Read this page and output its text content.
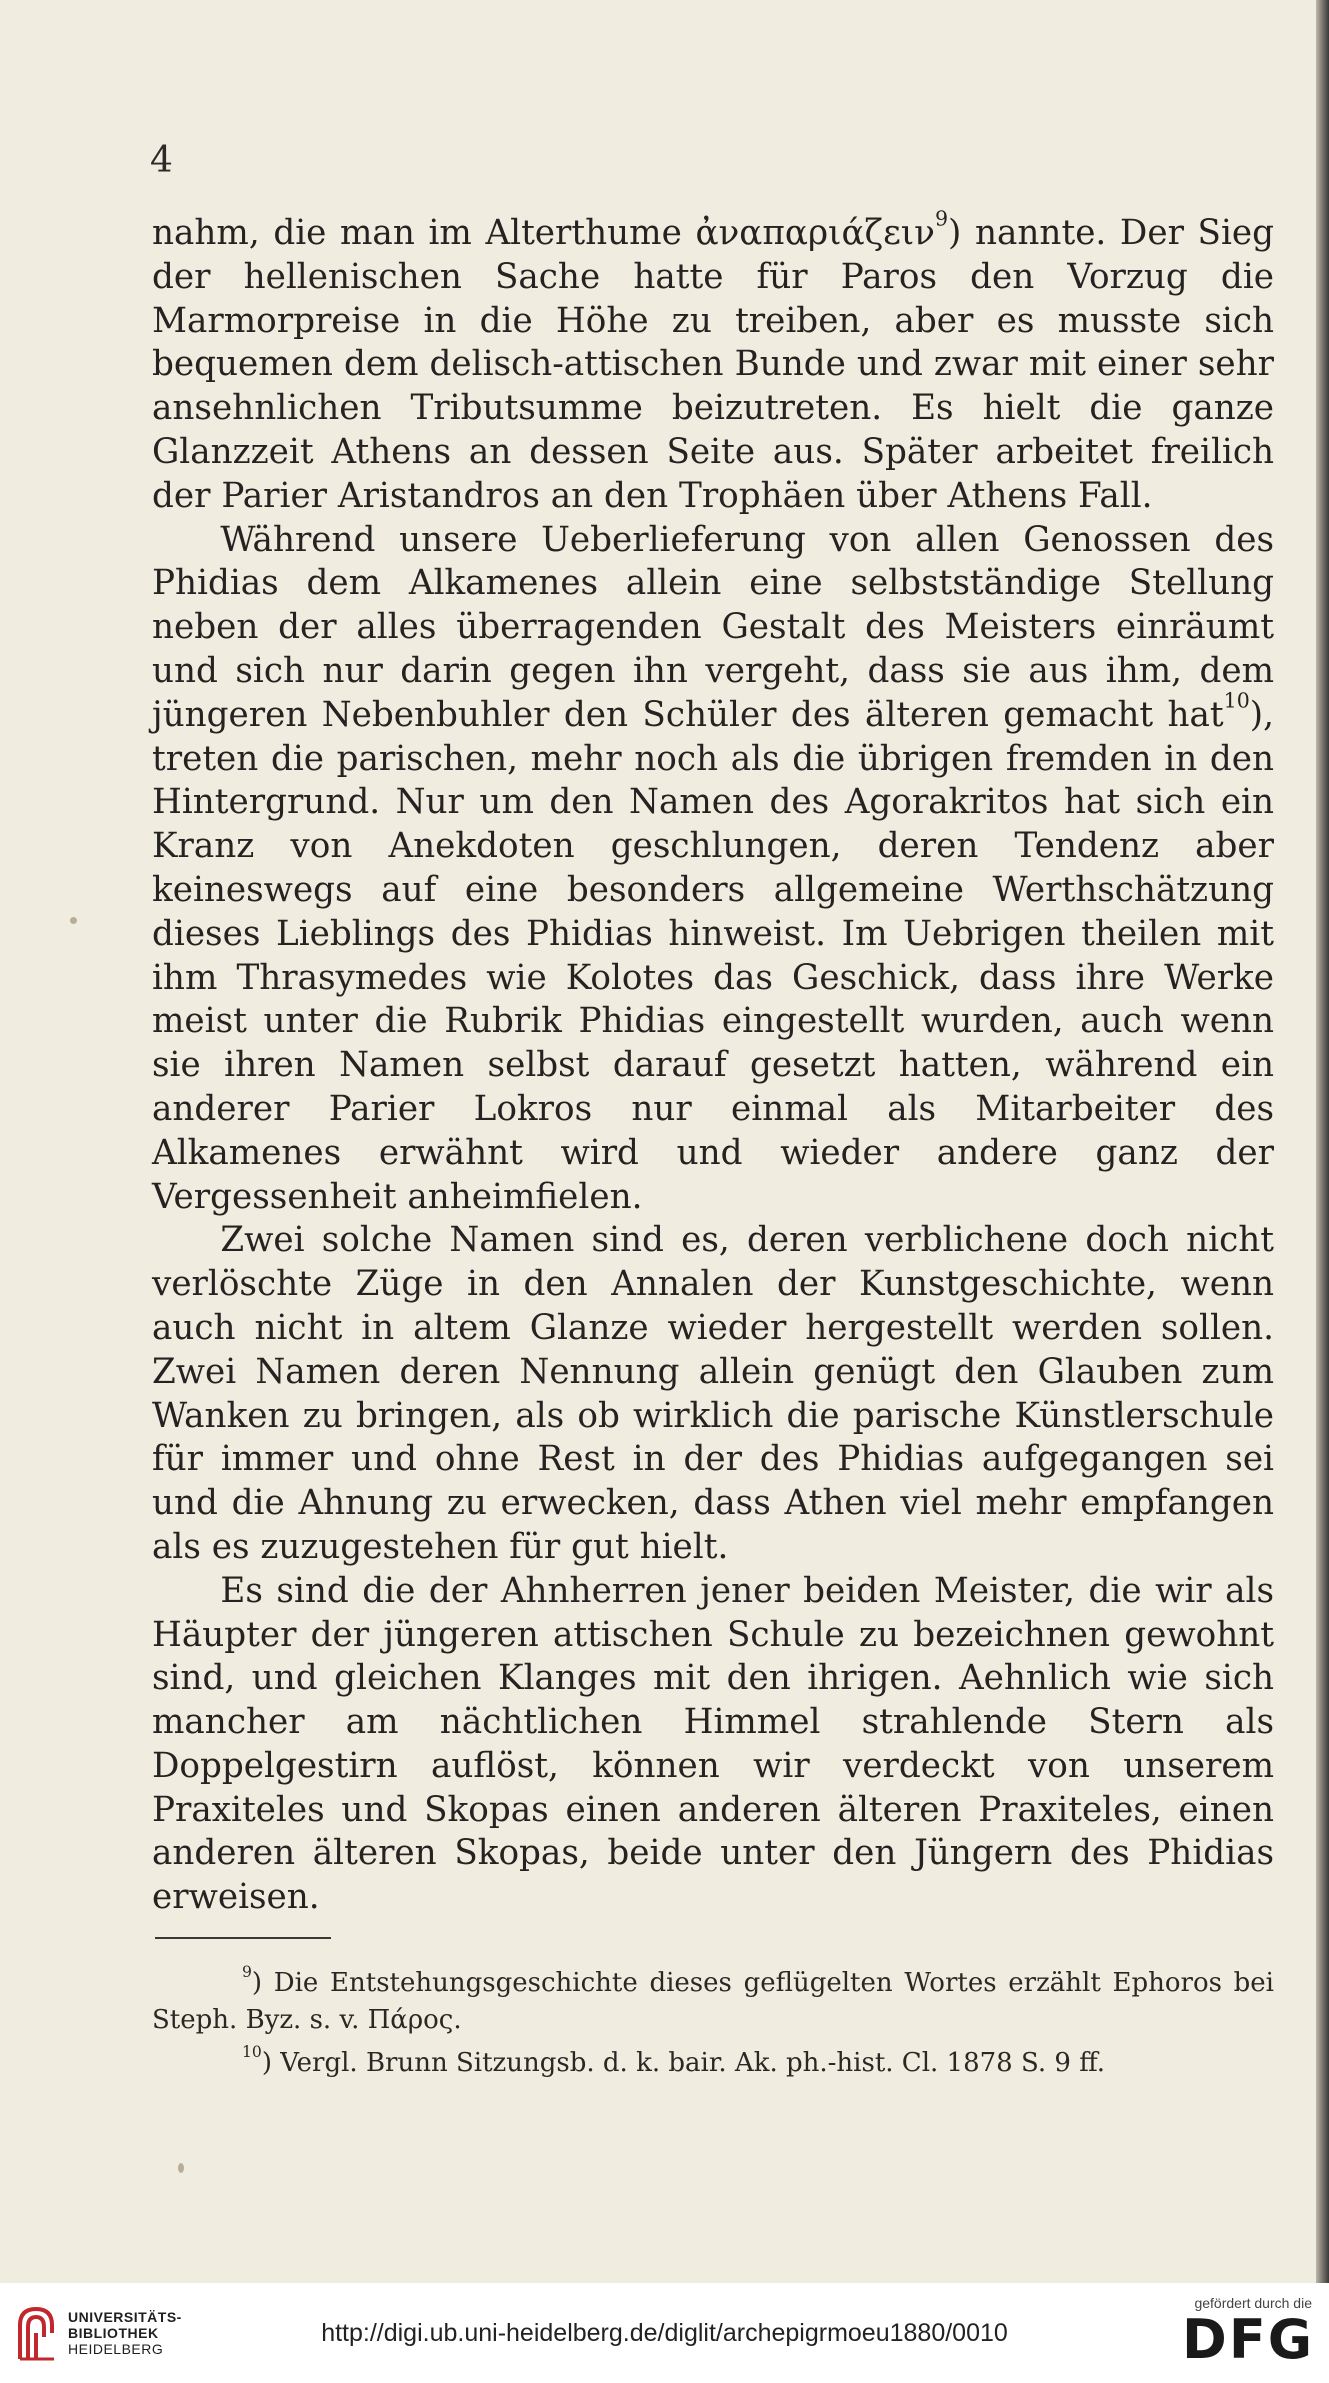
4

nahm, die man im Alterthume ἀναπαριάζειν$^9$) nannte. Der Sieg der hellenischen Sache hatte für Paros den Vorzug die Marmorpreise in die Höhe zu treiben, aber es musste sich bequemen dem delisch-attischen Bunde und zwar mit einer sehr ansehnlichen Tributsumme beizutreten. Es hielt die ganze Glanzzeit Athens an dessen Seite aus. Später arbeitet freilich der Parier Aristandros an den Trophäen über Athens Fall.

Während unsere Ueberlieferung von allen Genossen des Phidias dem Alkamenes allein eine selbstständige Stellung neben der alles überragenden Gestalt des Meisters einräumt und sich nur darin gegen ihn vergeht, dass sie aus ihm, dem jüngeren Nebenbuhler den Schüler des älteren gemacht hat$^{10}$), treten die parischen, mehr noch als die übrigen fremden in den Hintergrund. Nur um den Namen des Agorakritos hat sich ein Kranz von Anekdoten geschlungen, deren Tendenz aber keineswegs auf eine besonders allgemeine Werthschätzung dieses Lieblings des Phidias hinweist. Im Uebrigen theilen mit ihm Thrasymedes wie Kolotes das Geschick, dass ihre Werke meist unter die Rubrik Phidias eingestellt wurden, auch wenn sie ihren Namen selbst darauf gesetzt hatten, während ein anderer Parier Lokros nur einmal als Mitarbeiter des Alkamenes erwähnt wird und wieder andere ganz der Vergessenheit anheimfielen.

Zwei solche Namen sind es, deren verblichene doch nicht verlöschte Züge in den Annalen der Kunstgeschichte, wenn auch nicht in altem Glanze wieder hergestellt werden sollen. Zwei Namen deren Nennung allein genügt den Glauben zum Wanken zu bringen, als ob wirklich die parische Künstlerschule für immer und ohne Rest in der des Phidias aufgegangen sei und die Ahnung zu erwecken, dass Athen viel mehr empfangen als es zuzugestehen für gut hielt.

Es sind die der Ahnherren jener beiden Meister, die wir als Häupter der jüngeren attischen Schule zu bezeichnen gewohnt sind, und gleichen Klanges mit den ihrigen. Aehnlich wie sich mancher am nächtlichen Himmel strahlende Stern als Doppelgestirn auflöst, können wir verdeckt von unserem Praxiteles und Skopas einen anderen älteren Praxiteles, einen anderen älteren Skopas, beide unter den Jüngern des Phidias erweisen.

$^9$) Die Entstehungsgeschichte dieses geflügelten Wortes erzählt Ephoros bei Steph. Byz. s. v. Πάρος.

$^{10}$) Vergl. Brunn Sitzungsb. d. k. bair. Ak. ph.-hist. Cl. 1878 S. 9 ff.

UNIVERSITÄTS-
BIBLIOTHEK
HEIDELBERG
http://digi.ub.uni-heidelberg.de/diglit/archepigrmoeu1880/0010
gefördert durch die
DFG
